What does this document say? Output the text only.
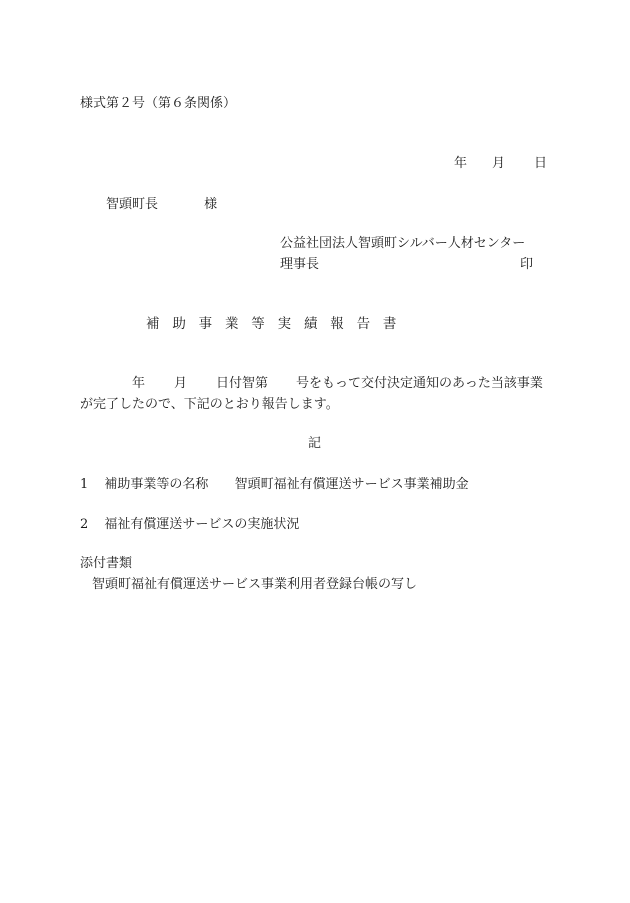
様式第２号（第６条関係）
年 月 日
智頭町長	様
公益社団法人智頭町シルバー人材センター
理事長	印
補助事業等実績報告書
年 月 日付智第 号をもって交付決定通知のあった当該事業
が完了したので、下記のとおり報告します。
記
1 補助事業等の名称 智頭町福祉有償運送サービス事業補助金
2 福祉有償運送サービスの実施状況
添付書類
智頭町福祉有償運送サービス事業利用者登録台帳の写し
